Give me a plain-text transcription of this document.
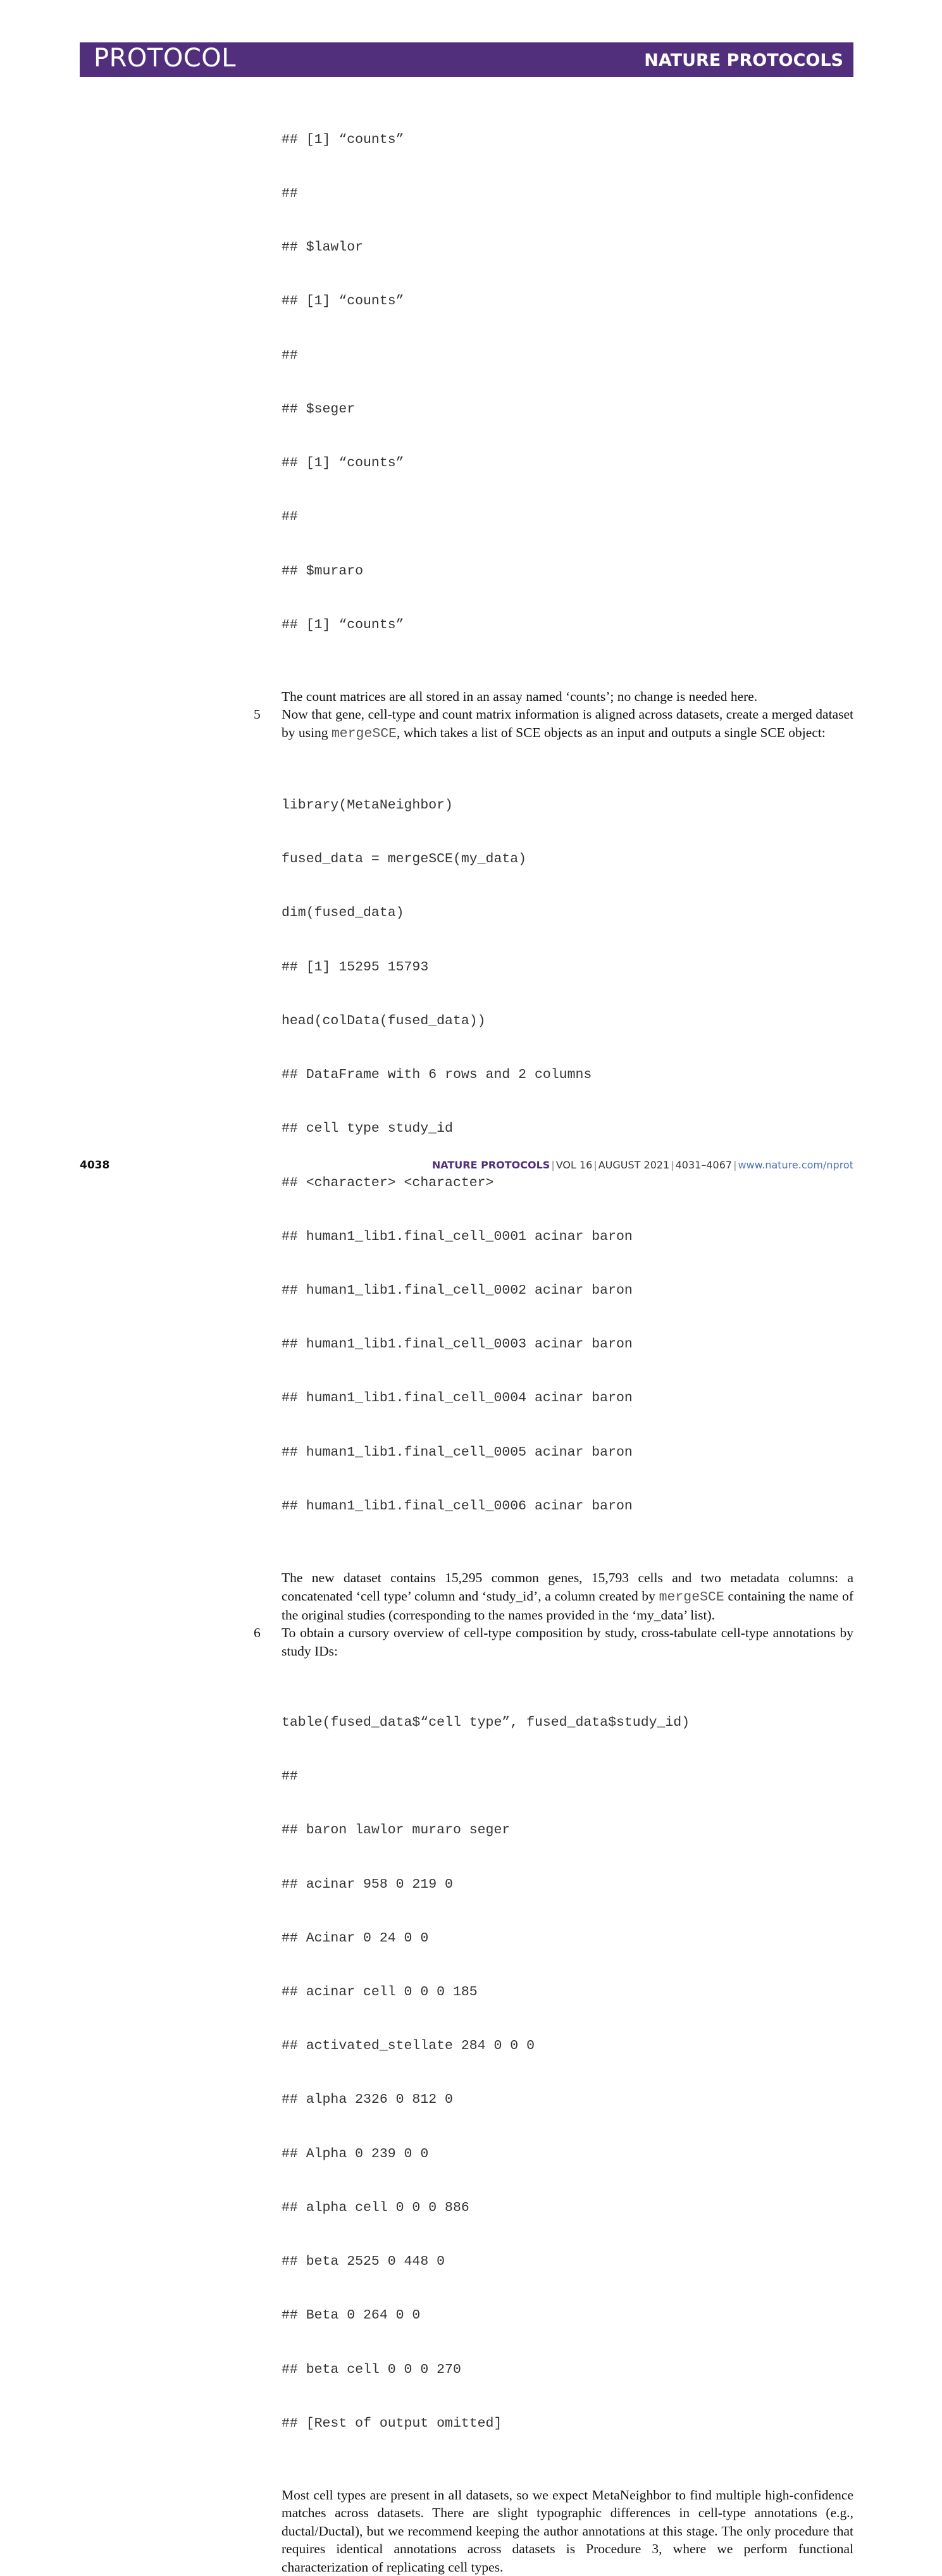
PROTOCOL	NATURE PROTOCOLS

## [1] “counts”

##

## $lawlor

## [1] “counts”

##

## $seger

## [1] “counts”

##

## $muraro

## [1] “counts”

The count matrices are all stored in an assay named ‘counts’; no change is needed here.

5 Now that gene, cell-type and count matrix information is aligned across datasets, create a merged dataset by using mergeSCE, which takes a list of SCE objects as an input and outputs a single SCE object:

library(MetaNeighbor)

fused_data = mergeSCE(my_data)

dim(fused_data)

## [1] 15295 15793

head(colData(fused_data))

## DataFrame with 6 rows and 2 columns

## cell type study_id

## <character> <character>

## human1_lib1.final_cell_0001 acinar baron

## human1_lib1.final_cell_0002 acinar baron

## human1_lib1.final_cell_0003 acinar baron

## human1_lib1.final_cell_0004 acinar baron

## human1_lib1.final_cell_0005 acinar baron

## human1_lib1.final_cell_0006 acinar baron

The new dataset contains 15,295 common genes, 15,793 cells and two metadata columns: a concatenated ‘cell type’ column and ‘study_id’, a column created by mergeSCE containing the name of the original studies (corresponding to the names provided in the ‘my_data’ list).

6 To obtain a cursory overview of cell-type composition by study, cross-tabulate cell-type annotations by study IDs:

table(fused_data$“cell type”, fused_data$study_id)

##

## baron lawlor muraro seger

## acinar 958 0 219 0

## Acinar 0 24 0 0

## acinar cell 0 0 0 185

## activated_stellate 284 0 0 0

## alpha 2326 0 812 0

## Alpha 0 239 0 0

## alpha cell 0 0 0 886

## beta 2525 0 448 0

## Beta 0 264 0 0

## beta cell 0 0 0 270

## [Rest of output omitted]

Most cell types are present in all datasets, so we expect MetaNeighbor to find multiple high-confidence matches across datasets. There are slight typographic differences in cell-type annotations (e.g., ductal/Ductal), but we recommend keeping the author annotations at this stage. The only procedure that requires identical annotations across datasets is Procedure 3, where we perform functional characterization of replicating cell types.

4038	NATURE PROTOCOLS | VOL 16 | AUGUST 2021 | 4031–4067 | www.nature.com/nprot
